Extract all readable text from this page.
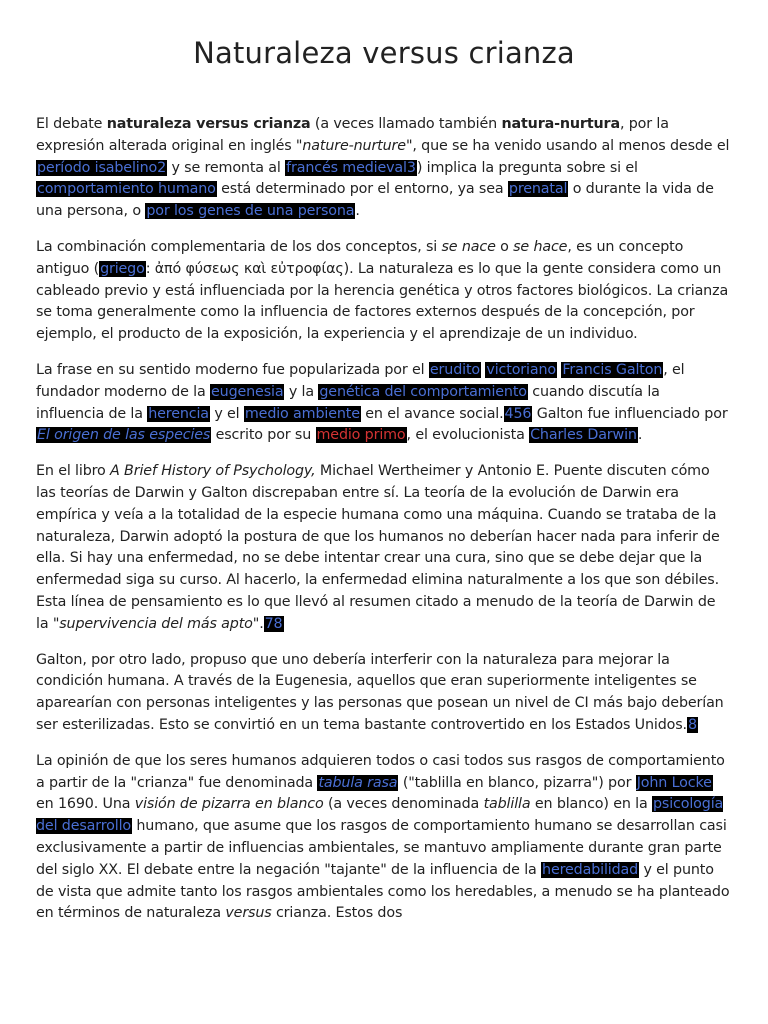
Naturaleza versus crianza

El debate naturaleza versus crianza (a veces llamado también natura-nurtura, por la expresión alterada original en inglés "nature-nurture", que se ha venido usando al menos desde el período isabelino2 y se remonta al francés medieval3) implica la pregunta sobre si el comportamiento humano está determinado por el entorno, ya sea prenatal o durante la vida de una persona, o por los genes de una persona.

La combinación complementaria de los dos conceptos, si se nace o se hace, es un concepto antiguo (griego: ἀπό φύσεως καὶ εὐτροφίας). La naturaleza es lo que la gente considera como un cableado previo y está influenciada por la herencia genética y otros factores biológicos. La crianza se toma generalmente como la influencia de factores externos después de la concepción, por ejemplo, el producto de la exposición, la experiencia y el aprendizaje de un individuo.

La frase en su sentido moderno fue popularizada por el erudito victoriano Francis Galton, el fundador moderno de la eugenesia y la genética del comportamiento cuando discutía la influencia de la herencia y el medio ambiente en el avance social.456 Galton fue influenciado por El origen de las especies escrito por su medio primo, el evolucionista Charles Darwin.

En el libro A Brief History of Psychology, Michael Wertheimer y Antonio E. Puente discuten cómo las teorías de Darwin y Galton discrepaban entre sí. La teoría de la evolución de Darwin era empírica y veía a la totalidad de la especie humana como una máquina. Cuando se trataba de la naturaleza, Darwin adoptó la postura de que los humanos no deberían hacer nada para inferir de ella. Si hay una enfermedad, no se debe intentar crear una cura, sino que se debe dejar que la enfermedad siga su curso. Al hacerlo, la enfermedad elimina naturalmente a los que son débiles. Esta línea de pensamiento es lo que llevó al resumen citado a menudo de la teoría de Darwin de la "supervivencia del más apto".78

Galton, por otro lado, propuso que uno debería interferir con la naturaleza para mejorar la condición humana. A través de la Eugenesia, aquellos que eran superiormente inteligentes se aparearían con personas inteligentes y las personas que posean un nivel de CI más bajo deberían ser esterilizadas. Esto se convirtió en un tema bastante controvertido en los Estados Unidos.8

La opinión de que los seres humanos adquieren todos o casi todos sus rasgos de comportamiento a partir de la "crianza" fue denominada tabula rasa ("tablilla en blanco, pizarra") por John Locke en 1690. Una visión de pizarra en blanco (a veces denominada tablilla en blanco) en la psicología del desarrollo humano, que asume que los rasgos de comportamiento humano se desarrollan casi exclusivamente a partir de influencias ambientales, se mantuvo ampliamente durante gran parte del siglo XX. El debate entre la negación "tajante" de la influencia de la heredabilidad y el punto de vista que admite tanto los rasgos ambientales como los heredables, a menudo se ha planteado en términos de naturaleza versus crianza. Estos dos
